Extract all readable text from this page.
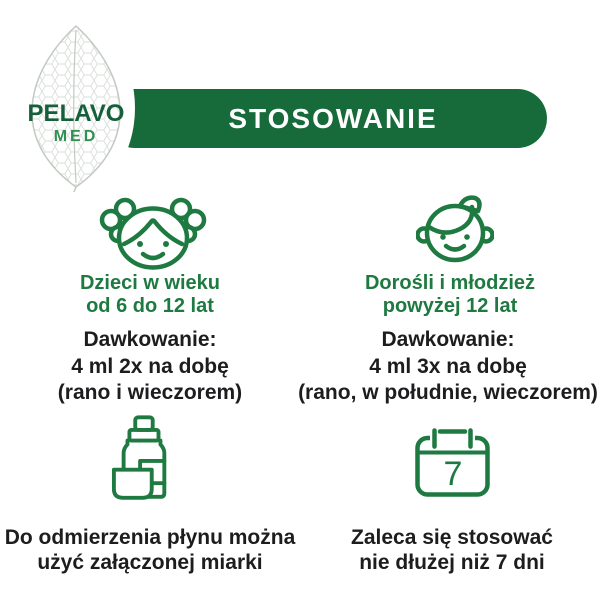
STOSOWANIE
PELAVO
MED
Dzieci w wieku
od 6 do 12 lat
Dawkowanie:
4 ml 2x na dobę
(rano i wieczorem)
Dorośli i młodzież
powyżej 12 lat
Dawkowanie:
4 ml 3x na dobę
(rano, w południe, wieczorem)
7
Do odmierzenia płynu można
użyć załączonej miarki
Zaleca się stosować
nie dłużej niż 7 dni
